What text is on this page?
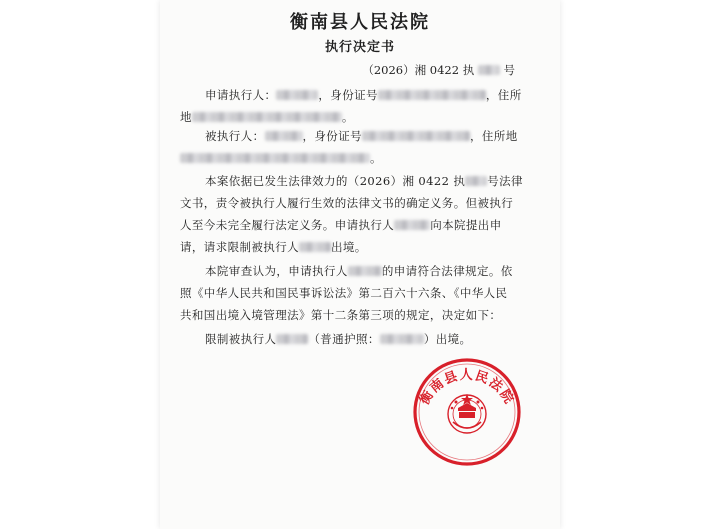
衡南县人民法院
执行决定书
（2026）湘 0422 执	号
申请执行人：	，身份证号	，住所
地	。
被执行人：	，身份证号	，住所地
。
本案依据已发生法律效力的（2026）湘 0422 执 号法律
文书，责令被执行人履行生效的法律文书的确定义务。但被执行
人至今未完全履行法定义务。申请执行人	向本院提出申
请，请求限制被执行人	出境。
本院审查认为，申请执行人	的申请符合法律规定。依
照《中华人民共和国民事诉讼法》第二百六十六条、《中华人民
共和国出境入境管理法》第十二条第三项的规定，决定如下：
限制被执行人	（普通护照：	）出境。
衡南县人民法院
